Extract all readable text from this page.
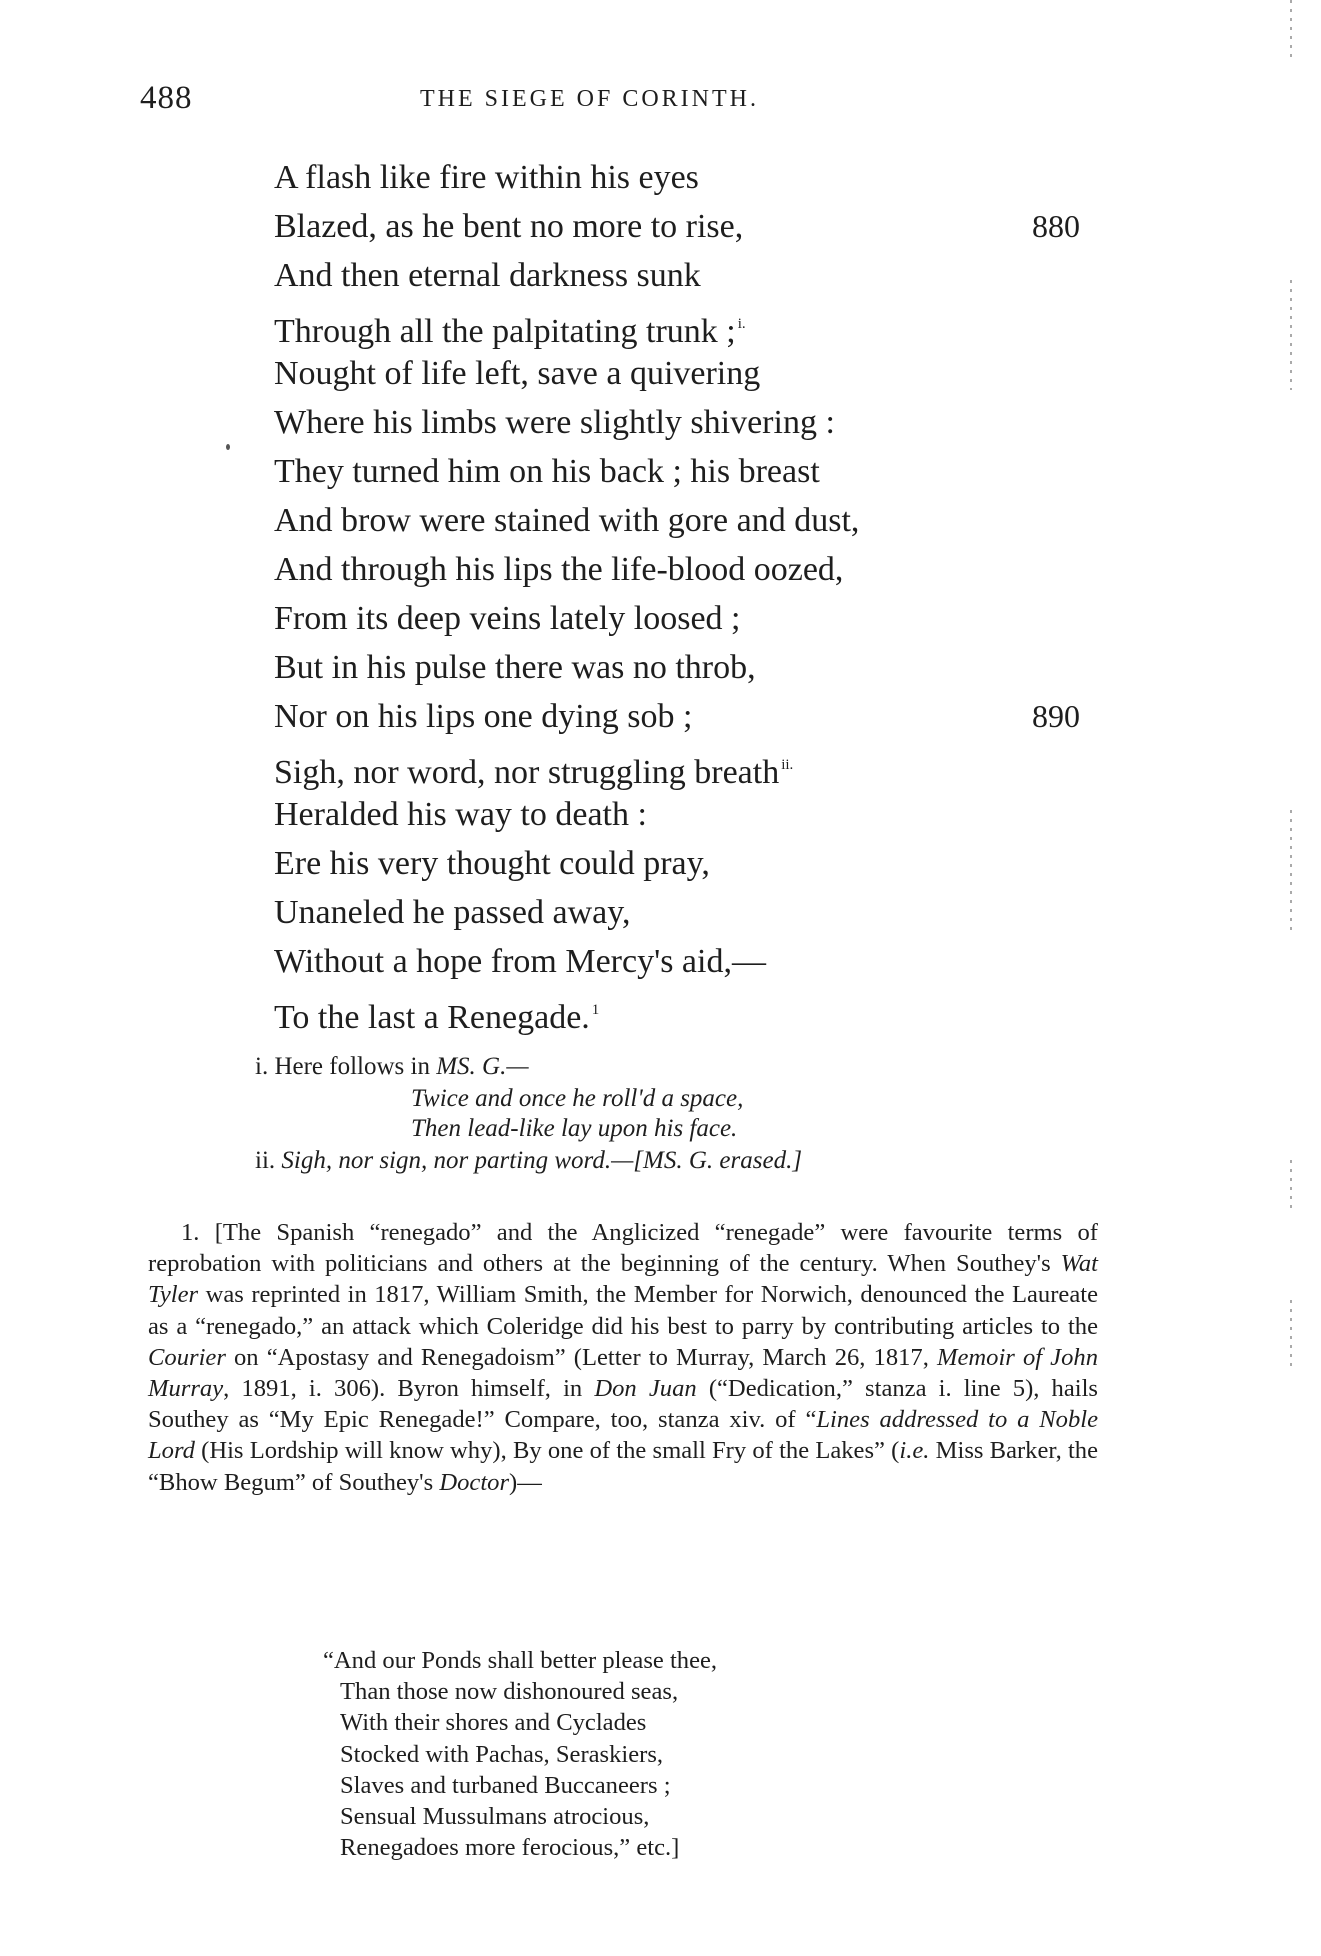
488	THE SIEGE OF CORINTH.
A flash like fire within his eyes
Blazed, as he bent no more to rise,	880
And then eternal darkness sunk
Through all the palpitating trunk ; $^{i.}$
Nought of life left, save a quivering
Where his limbs were slightly shivering :
They turned him on his back ; his breast
And brow were stained with gore and dust,
And through his lips the life-blood oozed,
From its deep veins lately loosed ;
But in his pulse there was no throb,
Nor on his lips one dying sob ;	890
Sigh, nor word, nor struggling breath $^{ii.}$
Heralded his way to death :
Ere his very thought could pray,
Unaneled he passed away,
Without a hope from Mercy's aid,—
To the last a Renegade. $^1$
i. Here follows in MS. G.—
Twice and once he roll'd a space,
Then lead-like lay upon his face.
ii. Sigh, nor sign, nor parting word.—[MS. G. erased.]

1. [The Spanish “renegado” and the Anglicized “renegade” were favourite terms of reprobation with politicians and others at the beginning of the century. When Southey's Wat Tyler was reprinted in 1817, William Smith, the Member for Norwich, denounced the Laureate as a “renegado,” an attack which Coleridge did his best to parry by contributing articles to the Courier on “Apostasy and Renegadoism” (Letter to Murray, March 26, 1817, Memoir of John Murray, 1891, i. 306). Byron himself, in Don Juan (“Dedication,” stanza i. line 5), hails Southey as “My Epic Renegade!” Compare, too, stanza xiv. of “Lines addressed to a Noble Lord (His Lordship will know why), By one of the small Fry of the Lakes” (i.e. Miss Barker, the “Bhow Begum” of Southey's Doctor)—

“And our Ponds shall better please thee,
Than those now dishonoured seas,
With their shores and Cyclades
Stocked with Pachas, Seraskiers,
Slaves and turbaned Buccaneers ;
Sensual Mussulmans atrocious,
Renegadoes more ferocious,” etc.]
